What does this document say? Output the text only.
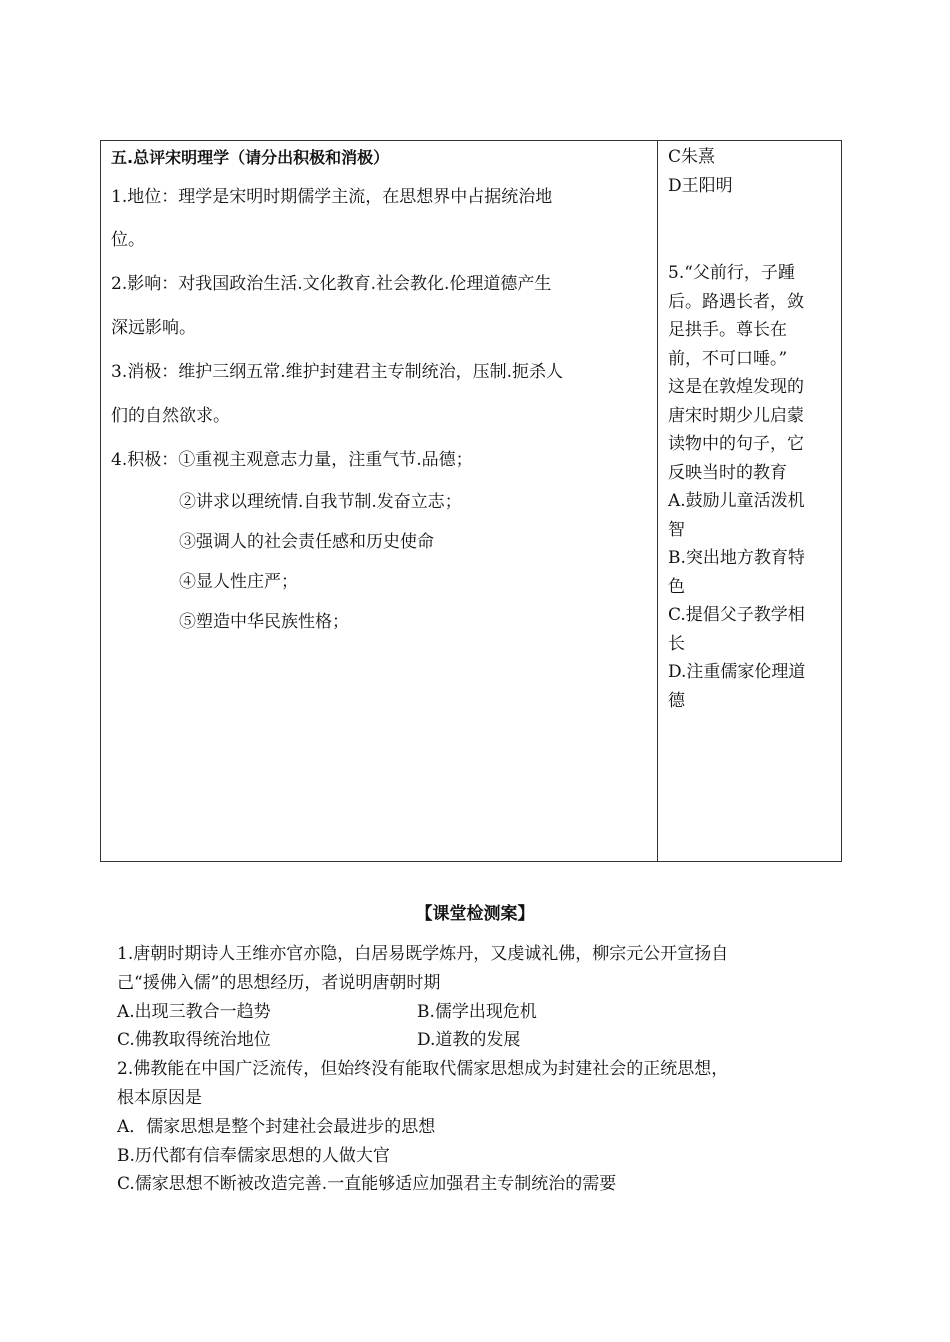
五.总评宋明理学（请分出积极和消极）

1.地位：理学是宋明时期儒学主流，在思想界中占据统治地

位。

2.影响：对我国政治生活.文化教育.社会教化.伦理道德产生

深远影响。

3.消极：维护三纲五常.维护封建君主专制统治，压制.扼杀人

们的自然欲求。

4.积极：①重视主观意志力量，注重气节.品德；

②讲求以理统情.自我节制.发奋立志；

③强调人的社会责任感和历史使命

④显人性庄严；

⑤塑造中华民族性格；

C朱熹

D王阳明

5.“父前行，子踵

后。路遇长者，敛

足拱手。尊长在

前，不可口唾。”

这是在敦煌发现的

唐宋时期少儿启蒙

读物中的句子，它

反映当时的教育

A.鼓励儿童活泼机

智

B.突出地方教育特

色

C.提倡父子教学相

长

D.注重儒家伦理道

德

【课堂检测案】

1.唐朝时期诗人王维亦官亦隐，白居易既学炼丹，又虔诚礼佛，柳宗元公开宣扬自

己“援佛入儒”的思想经历，者说明唐朝时期

A.出现三教合一趋势	B.儒学出现危机
C.佛教取得统治地位	D.道教的发展

2.佛教能在中国广泛流传，但始终没有能取代儒家思想成为封建社会的正统思想，

根本原因是

A．儒家思想是整个封建社会最进步的思想

B.历代都有信奉儒家思想的人做大官

C.儒家思想不断被改造完善.一直能够适应加强君主专制统治的需要
